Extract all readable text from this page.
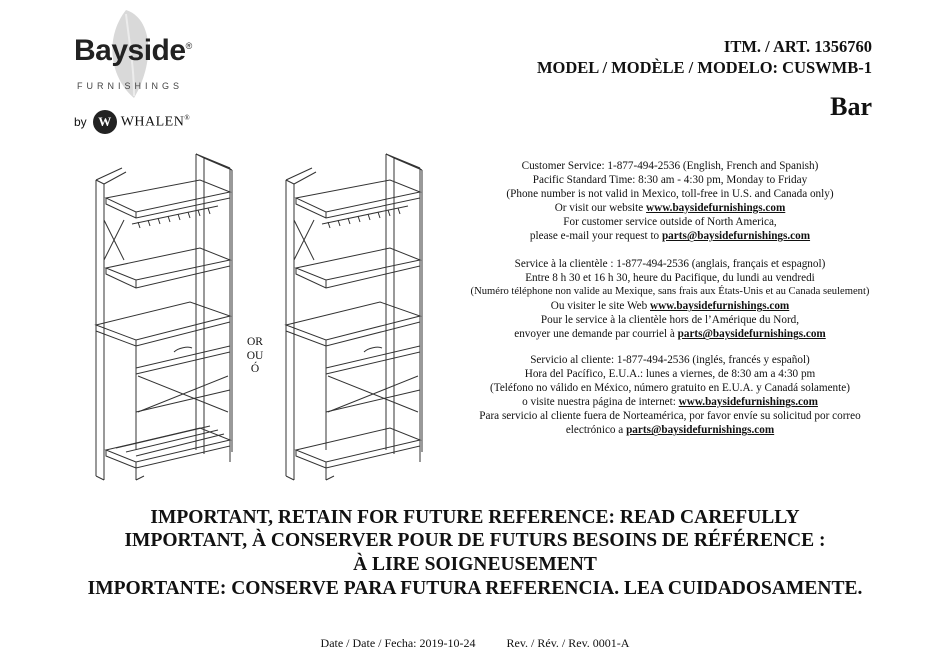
Bayside®
FURNISHINGS
by W WHALEN®
ITM. / ART. 1356760
MODEL / MODÈLE / MODELO: CUSWMB-1
Bar
OR
OU
Ó
Customer Service: 1-877-494-2536 (English, French and Spanish)
Pacific Standard Time: 8:30 am - 4:30 pm, Monday to Friday
(Phone number is not valid in Mexico, toll-free in U.S. and Canada only)
Or visit our website www.baysidefurnishings.com
For customer service outside of North America,
please e-mail your request to parts@baysidefurnishings.com
Service à la clientèle : 1-877-494-2536 (anglais, français et espagnol)
Entre 8 h 30 et 16 h 30, heure du Pacifique, du lundi au vendredi
(Numéro téléphone non valide au Mexique, sans frais aux États-Unis et au Canada seulement)
Ou visiter le site Web www.baysidefurnishings.com
Pour le service à la clientèle hors de l’Amérique du Nord,
envoyer une demande par courriel à parts@baysidefurnishings.com
Servicio al cliente: 1-877-494-2536 (inglés, francés y español)
Hora del Pacífico, E.U.A.: lunes a viernes, de 8:30 am a 4:30 pm
(Teléfono no válido en México, número gratuito en E.U.A. y Canadá solamente)
o visite nuestra página de internet: www.baysidefurnishings.com
Para servicio al cliente fuera de Norteamérica, por favor envíe su solicitud por correo
electrónico a parts@baysidefurnishings.com
IMPORTANT, RETAIN FOR FUTURE REFERENCE: READ CAREFULLY
IMPORTANT, À CONSERVER POUR DE FUTURS BESOINS DE RÉFÉRENCE :
À LIRE SOIGNEUSEMENT
IMPORTANTE: CONSERVE PARA FUTURA REFERENCIA. LEA CUIDADOSAMENTE.
Date / Date / Fecha: 2019-10-24	Rev. / Rév. / Rev. 0001-A
